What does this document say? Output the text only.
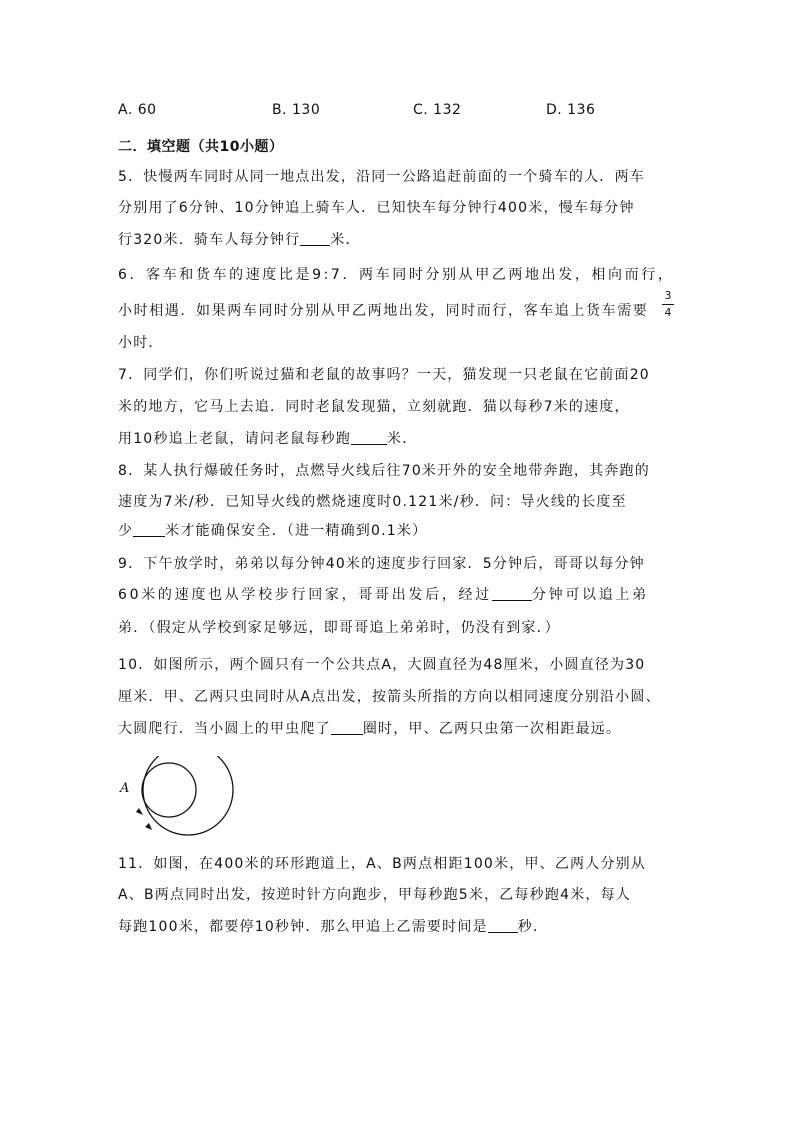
A. 60	B. 130	C. 132	D. 136
二．填空题（共10小题）
5．快慢两车同时从同一地点出发，沿同一公路追赶前面的一个骑车的人．两车
分别用了6分钟、10分钟追上骑车人．已知快车每分钟行400米，慢车每分钟
行320米．骑车人每分钟行 米．
6．客车和货车的速度比是9:7．两车同时分别从甲乙两地出发，相向而行，
3
4
小时相遇．如果两车同时分别从甲乙两地出发，同时而行，客车追上货车需要
小时．
7．同学们，你们听说过猫和老鼠的故事吗？一天，猫发现一只老鼠在它前面20
米的地方，它马上去追．同时老鼠发现猫，立刻就跑．猫以每秒7米的速度，
用10秒追上老鼠，请问老鼠每秒跑	米．
8．某人执行爆破任务时，点燃导火线后往70米开外的安全地带奔跑，其奔跑的
速度为7米/秒．已知导火线的燃烧速度时0.121米/秒．问：导火线的长度至
少 米才能确保安全．（进一精确到0.1米）
9．下午放学时，弟弟以每分钟40米的速度步行回家．5分钟后，哥哥以每分钟
60米的速度也从学校步行回家，哥哥出发后，经过	分钟可以追上弟
弟．（假定从学校到家足够远，即哥哥追上弟弟时，仍没有到家．）
10．如图所示，两个圆只有一个公共点A，大圆直径为48厘米，小圆直径为30
厘米．甲、乙两只虫同时从A点出发，按箭头所指的方向以相同速度分别沿小圆、
大圆爬行．当小圆上的甲虫爬了 圈时，甲、乙两只虫第一次相距最远。
A
11．如图，在400米的环形跑道上，A、B两点相距100米，甲、乙两人分别从
A、B两点同时出发，按逆时针方向跑步，甲每秒跑5米，乙每秒跑4米，每人
每跑100米，都要停10秒钟．那么甲追上乙需要时间是 秒．
